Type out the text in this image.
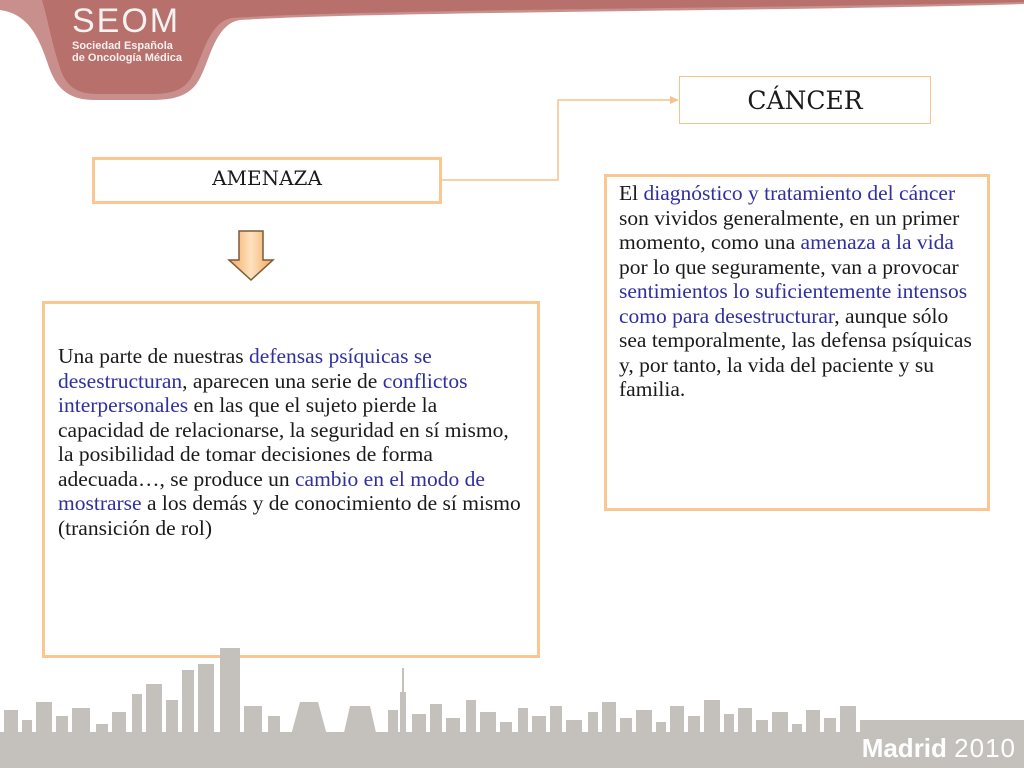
SEOM
Sociedad Española
de Oncología Médica
CÁNCER
AMENAZA
Una parte de nuestras defensas psíquicas se desestructuran, aparecen una serie de conflictos interpersonales en las que el sujeto pierde la capacidad de relacionarse, la seguridad en sí mismo, la posibilidad de tomar decisiones de forma adecuada…, se produce un cambio en el modo de mostrarse a los demás y de conocimiento de sí mismo (transición de rol)
El diagnóstico y tratamiento del cáncer son vividos generalmente, en un primer momento, como una amenaza a la vida por lo que seguramente, van a provocar sentimientos lo suficientemente intensos como para desestructurar, aunque sólo sea temporalmente, las defensa psíquicas y, por tanto, la vida del paciente y su familia.
Madrid 2010
